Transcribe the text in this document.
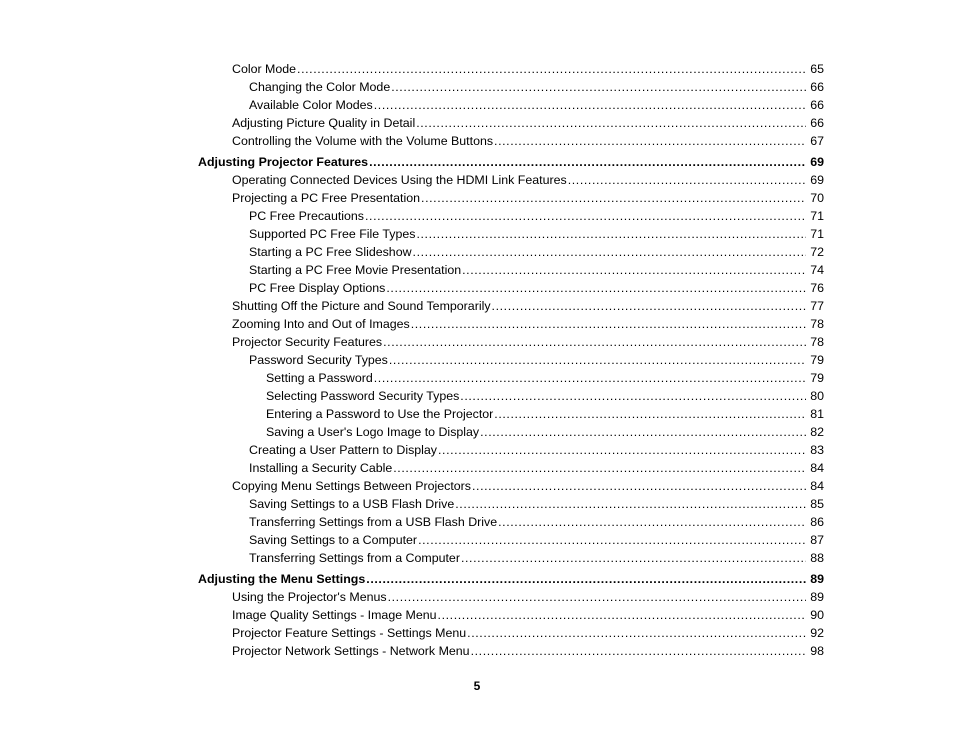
Color Mode .....	65
Changing the Color Mode .....	66
Available Color Modes .....	66
Adjusting Picture Quality in Detail .....	66
Controlling the Volume with the Volume Buttons .....	67
Adjusting Projector Features .....	69
Operating Connected Devices Using the HDMI Link Features .....	69
Projecting a PC Free Presentation .....	70
PC Free Precautions .....	71
Supported PC Free File Types .....	71
Starting a PC Free Slideshow .....	72
Starting a PC Free Movie Presentation .....	74
PC Free Display Options .....	76
Shutting Off the Picture and Sound Temporarily .....	77
Zooming Into and Out of Images .....	78
Projector Security Features .....	78
Password Security Types .....	79
Setting a Password .....	79
Selecting Password Security Types .....	80
Entering a Password to Use the Projector .....	81
Saving a User's Logo Image to Display .....	82
Creating a User Pattern to Display .....	83
Installing a Security Cable .....	84
Copying Menu Settings Between Projectors .....	84
Saving Settings to a USB Flash Drive .....	85
Transferring Settings from a USB Flash Drive .....	86
Saving Settings to a Computer .....	87
Transferring Settings from a Computer .....	88
Adjusting the Menu Settings .....	89
Using the Projector's Menus .....	89
Image Quality Settings - Image Menu .....	90
Projector Feature Settings - Settings Menu .....	92
Projector Network Settings - Network Menu .....	98
5
